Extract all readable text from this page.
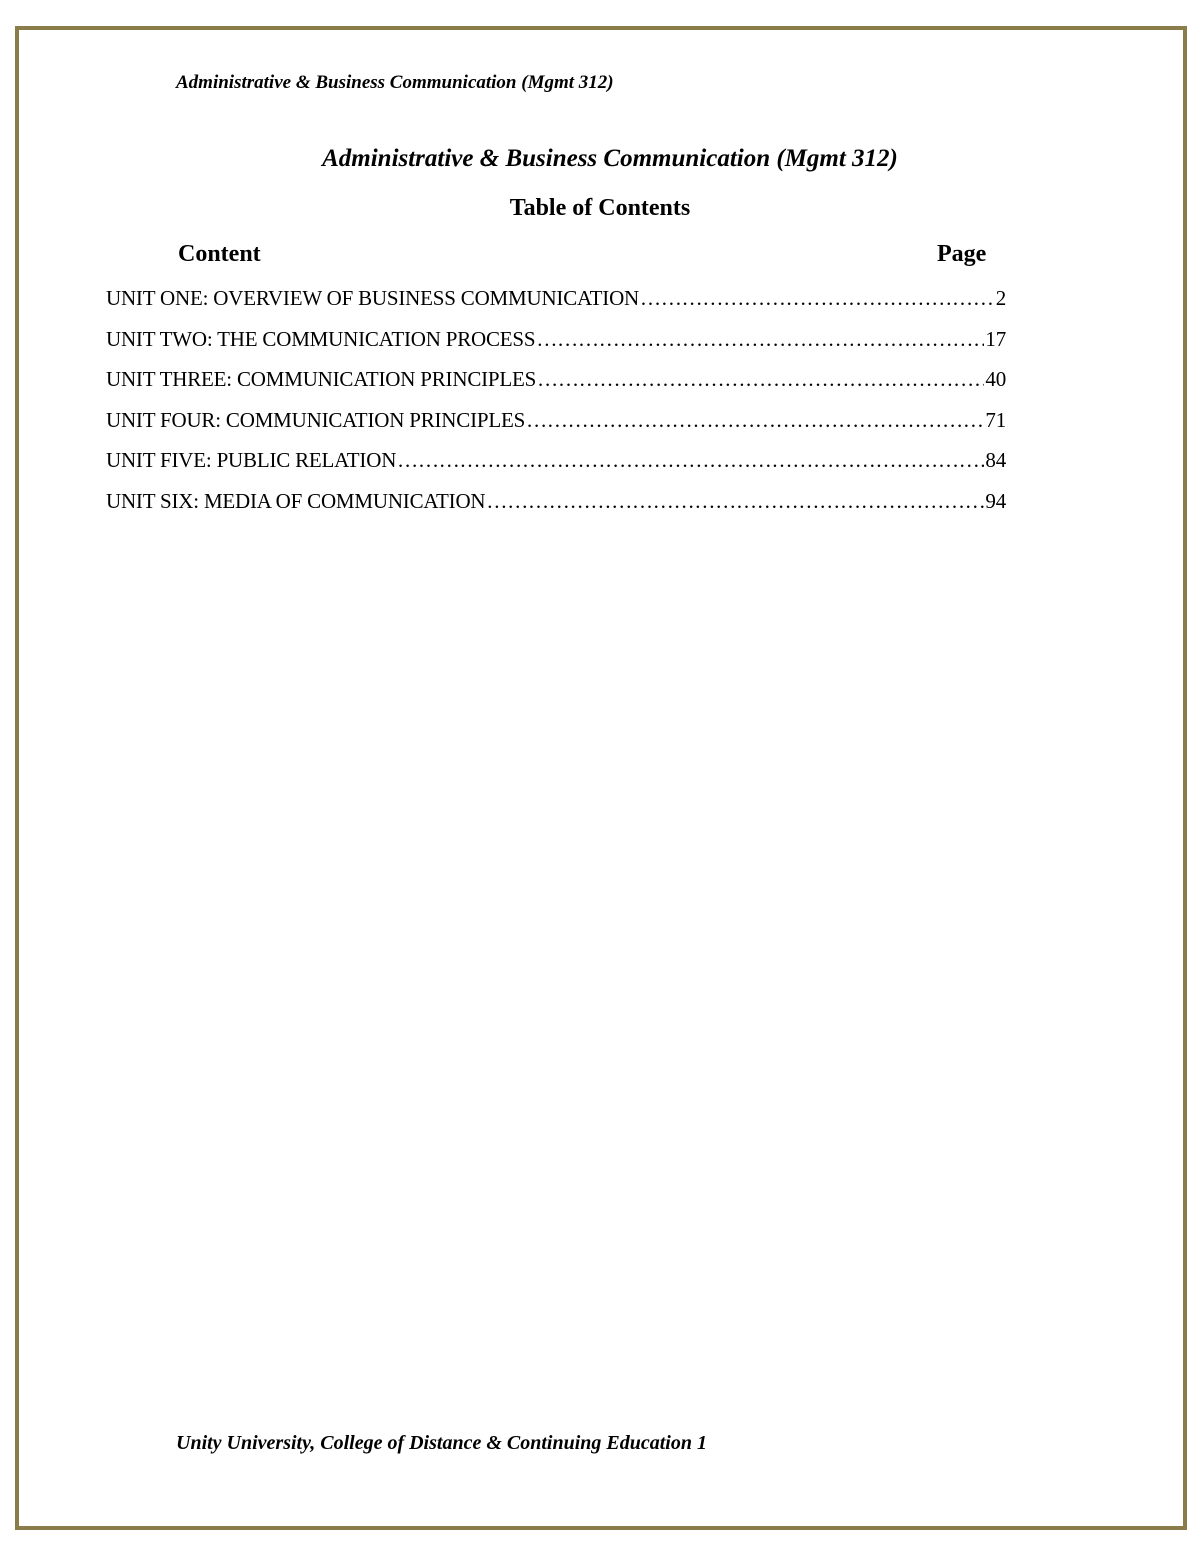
Administrative & Business Communication (Mgmt 312)
Administrative & Business Communication (Mgmt 312)
Table of Contents
Content	Page
UNIT ONE: OVERVIEW OF BUSINESS COMMUNICATION …………………………………………………………………………………………………………………………………………………………………	2
UNIT TWO: THE COMMUNICATION PROCESS …………………………………………………………………………………………………………………………………………………………………	17
UNIT THREE: COMMUNICATION PRINCIPLES …………………………………………………………………………………………………………………………………………………………………	40
UNIT FOUR: COMMUNICATION PRINCIPLES …………………………………………………………………………………………………………………………………………………………………	71
UNIT FIVE: PUBLIC RELATION …………………………………………………………………………………………………………………………………………………………………	84
UNIT SIX: MEDIA OF COMMUNICATION …………………………………………………………………………………………………………………………………………………………………	94
Unity University, College of Distance & Continuing Education 1
